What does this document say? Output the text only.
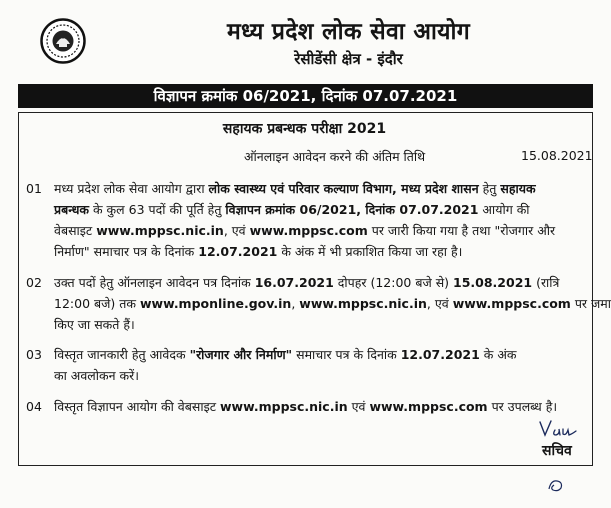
मध्य प्रदेश लोक सेवा आयोग
रेसीडेंसी क्षेत्र - इंदौर
विज्ञापन क्रमांक 06/2021, दिनांक 07.07.2021
सहायक प्रबन्धक परीक्षा 2021
ऑनलाइन आवेदन करने की अंतिम तिथि	15.08.2021
01 मध्य प्रदेश लोक सेवा आयोग द्वारा लोक स्वास्थ्य एवं परिवार कल्याण विभाग, मध्य प्रदेश शासन हेतु सहायक
प्रबन्धक के कुल 63 पदों की पूर्ति हेतु विज्ञापन क्रमांक 06/2021, दिनांक 07.07.2021 आयोग की
वेबसाइट www.mppsc.nic.in, एवं www.mppsc.com पर जारी किया गया है तथा "रोजगार और
निर्माण" समाचार पत्र के दिनांक 12.07.2021 के अंक में भी प्रकाशित किया जा रहा है।
02 उक्त पदों हेतु ऑनलाइन आवेदन पत्र दिनांक 16.07.2021 दोपहर (12:00 बजे से) 15.08.2021 (रात्रि
12:00 बजे) तक www.mponline.gov.in, www.mppsc.nic.in, एवं www.mppsc.com पर जमा
किए जा सकते हैं।
03 विस्तृत जानकारी हेतु आवेदक "रोजगार और निर्माण" समाचार पत्र के दिनांक 12.07.2021 के अंक
का अवलोकन करें।
04 विस्तृत विज्ञापन आयोग की वेबसाइट www.mppsc.nic.in एवं www.mppsc.com पर उपलब्ध है।
सचिव
